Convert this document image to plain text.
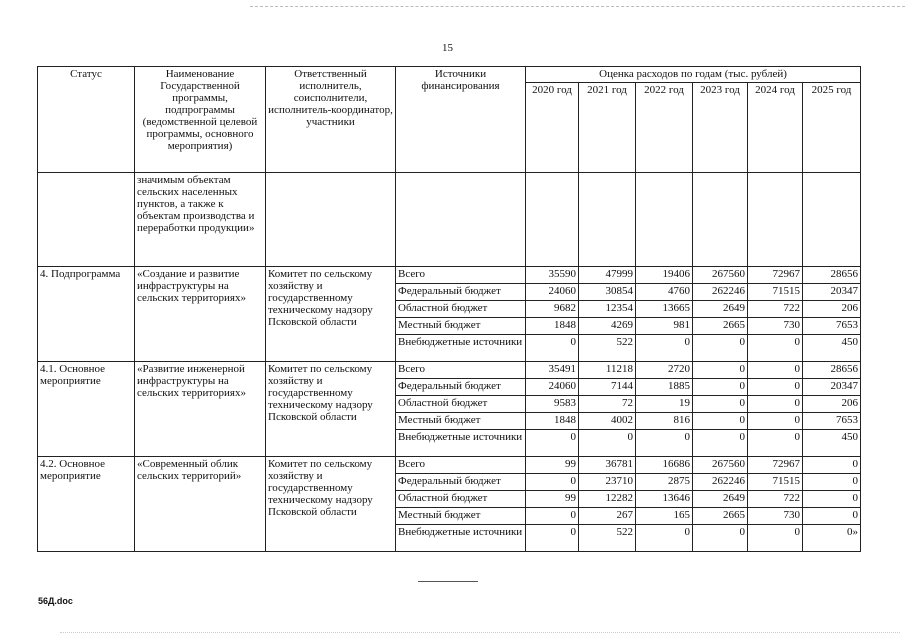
15
Статус	Наименование Государственной программы, подпрограммы (ведомственной целевой программы, основного мероприятия)	Ответственный исполнитель, соисполнители, исполнитель-координатор, участники	Источники финансирования	Оценка расходов по годам (тыс. рублей)					
				2020 год	2021 год	2022 год	2023 год	2024 год	2025 год
	значимым объектам сельских населенных пунктов, а также к объектам производства и переработки продукции»								
4. Подпрограмма	«Создание и развитие инфраструктуры на сельских территориях»	Комитет по сельскому хозяйству и государственному техническому надзору Псковской области	Всего	35590	47999	19406	267560	72967	28656
			Федеральный бюджет	24060	30854	4760	262246	71515	20347
			Областной бюджет	9682	12354	13665	2649	722	206
			Местный бюджет	1848	4269	981	2665	730	7653
			Внебюджетные источники	0	522	0	0	0	450
4.1. Основное мероприятие	«Развитие инженерной инфраструктуры на сельских территориях»	Комитет по сельскому хозяйству и государственному техническому надзору Псковской области	Всего	35491	11218	2720	0	0	28656
			Федеральный бюджет	24060	7144	1885	0	0	20347
			Областной бюджет	9583	72	19	0	0	206
			Местный бюджет	1848	4002	816	0	0	7653
			Внебюджетные источники	0	0	0	0	0	450
4.2. Основное мероприятие	«Современный облик сельских территорий»	Комитет по сельскому хозяйству и государственному техническому надзору Псковской области	Всего	99	36781	16686	267560	72967	0
			Федеральный бюджет	0	23710	2875	262246	71515	0
			Областной бюджет	99	12282	13646	2649	722	0
			Местный бюджет	0	267	165	2665	730	0
			Внебюджетные источники	0	522	0	0	0	0»
56Д.doc
